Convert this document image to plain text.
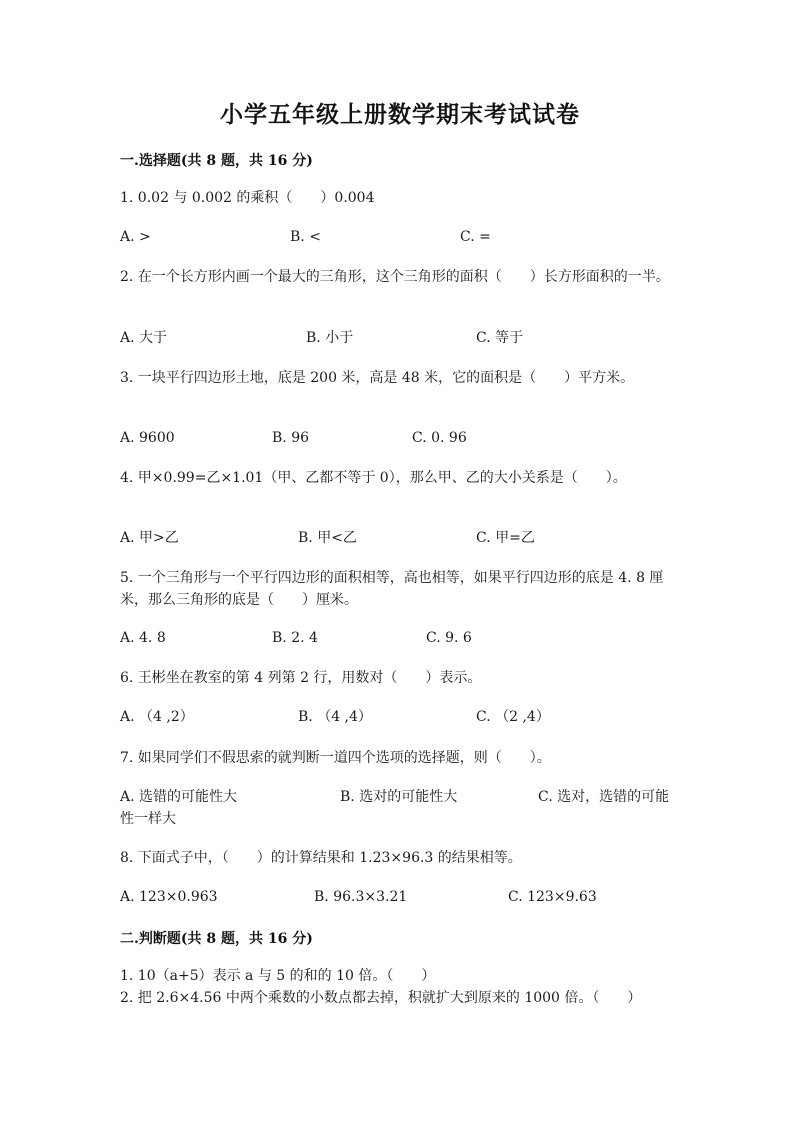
小学五年级上册数学期末考试试卷
一.选择题(共 8 题，共 16 分)
1. 0.02 与 0.002 的乘积（　　）0.004
A. >	B. <	C. =
2. 在一个长方形内画一个最大的三角形，这个三角形的面积（　　）长方形面积的一半。
A. 大于	B. 小于	C. 等于
3. 一块平行四边形土地，底是 200 米，高是 48 米，它的面积是（　　）平方米。
A. 9600	B. 96	C. 0. 96
4. 甲×0.99=乙×1.01（甲、乙都不等于 0），那么甲、乙的大小关系是（　　）。
A. 甲>乙	B. 甲<乙	C. 甲=乙
5. 一个三角形与一个平行四边形的面积相等，高也相等，如果平行四边形的底是 4. 8 厘米，那么三角形的底是（　　）厘米。
A. 4. 8	B. 2. 4	C. 9. 6
6. 王彬坐在教室的第 4 列第 2 行，用数对（　　）表示。
A. （4 ,2）	B. （4 ,4）	C. （2 ,4）
7. 如果同学们不假思索的就判断一道四个选项的选择题，则（　　）。
A. 选错的可能性大	B. 选对的可能性大	C. 选对，选错的可能性一样大
8. 下面式子中，（　　）的计算结果和 1.23×96.3 的结果相等。
A. 123×0.963	B. 96.3×3.21	C. 123×9.63
二.判断题(共 8 题，共 16 分)
1. 10（a+5）表示 a 与 5 的和的 10 倍。（　　）
2. 把 2.6×4.56 中两个乘数的小数点都去掉，积就扩大到原来的 1000 倍。（　　）
